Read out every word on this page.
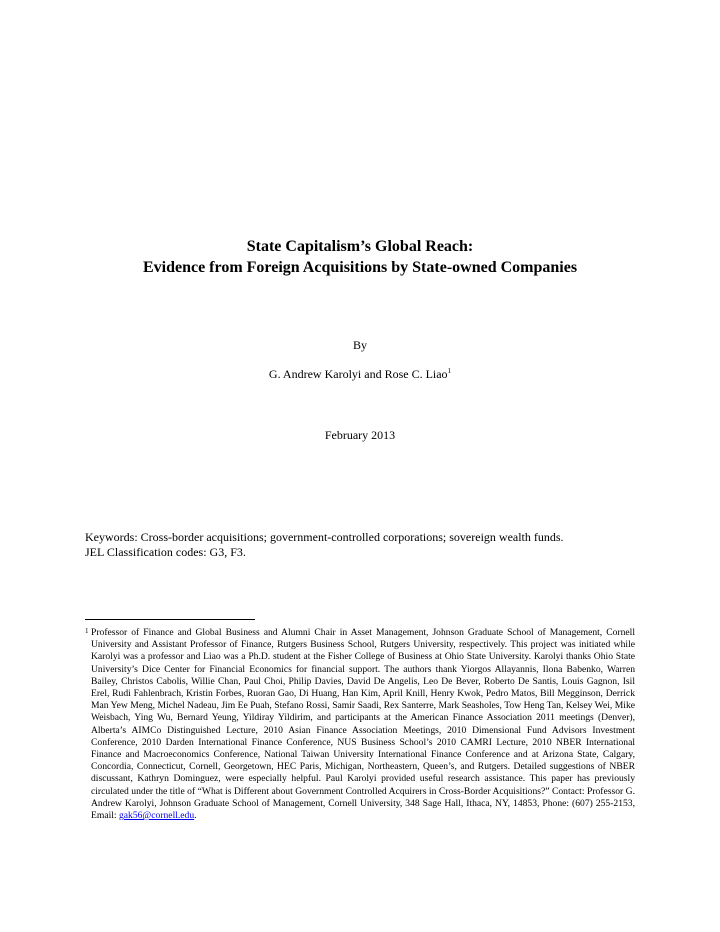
State Capitalism’s Global Reach:
Evidence from Foreign Acquisitions by State-owned Companies
By
G. Andrew Karolyi and Rose C. Liao$^1$
February 2013
Keywords: Cross-border acquisitions; government-controlled corporations; sovereign wealth funds.
JEL Classification codes: G3, F3.
1 Professor of Finance and Global Business and Alumni Chair in Asset Management, Johnson Graduate School of Management, Cornell University and Assistant Professor of Finance, Rutgers Business School, Rutgers University, respectively. This project was initiated while Karolyi was a professor and Liao was a Ph.D. student at the Fisher College of Business at Ohio State University. Karolyi thanks Ohio State University’s Dice Center for Financial Economics for financial support. The authors thank Yiorgos Allayannis, Ilona Babenko, Warren Bailey, Christos Cabolis, Willie Chan, Paul Choi, Philip Davies, David De Angelis, Leo De Bever, Roberto De Santis, Louis Gagnon, Isil Erel, Rudi Fahlenbrach, Kristin Forbes, Ruoran Gao, Di Huang, Han Kim, April Knill, Henry Kwok, Pedro Matos, Bill Megginson, Derrick Man Yew Meng, Michel Nadeau, Jim Ee Puah, Stefano Rossi, Samir Saadi, Rex Santerre, Mark Seasholes, Tow Heng Tan, Kelsey Wei, Mike Weisbach, Ying Wu, Bernard Yeung, Yildiray Yildirim, and participants at the American Finance Association 2011 meetings (Denver), Alberta’s AIMCo Distinguished Lecture, 2010 Asian Finance Association Meetings, 2010 Dimensional Fund Advisors Investment Conference, 2010 Darden International Finance Conference, NUS Business School’s 2010 CAMRI Lecture, 2010 NBER International Finance and Macroeconomics Conference, National Taiwan University International Finance Conference and at Arizona State, Calgary, Concordia, Connecticut, Cornell, Georgetown, HEC Paris, Michigan, Northeastern, Queen’s, and Rutgers. Detailed suggestions of NBER discussant, Kathryn Dominguez, were especially helpful. Paul Karolyi provided useful research assistance. This paper has previously circulated under the title of “What is Different about Government Controlled Acquirers in Cross-Border Acquisitions?” Contact: Professor G. Andrew Karolyi, Johnson Graduate School of Management, Cornell University, 348 Sage Hall, Ithaca, NY, 14853, Phone: (607) 255-2153, Email: gak56@cornell.edu.
